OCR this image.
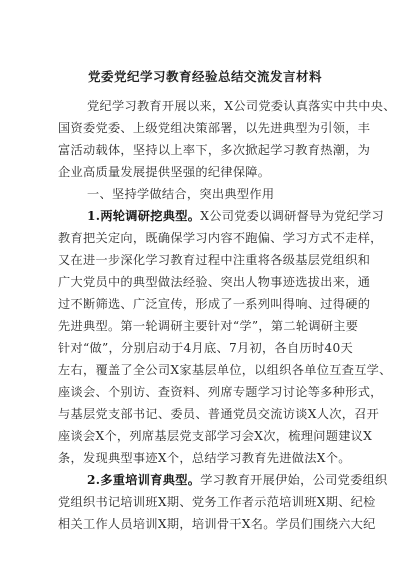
党委党纪学习教育经验总结交流发言材料
党纪学习教育开展以来，X公司党委认真落实中共中央、
国资委党委、上级党组决策部署，以先进典型为引领，丰
富活动载体，坚持以上率下，多次掀起学习教育热潮，为
企业高质量发展提供坚强的纪律保障。
一、坚持学做结合，突出典型作用
1.两轮调研挖典型。X公司党委以调研督导为党纪学习
教育把关定向，既确保学习内容不跑偏、学习方式不走样，
又在进一步深化学习教育过程中注重将各级基层党组织和
广大党员中的典型做法经验、突出人物事迹选拔出来，通
过不断筛选、广泛宣传，形成了一系列叫得响、过得硬的
先进典型。第一轮调研主要针对“学”，第二轮调研主要
针对“做”，分别启动于4月底、7月初，各自历时40天
左右，覆盖了全公司X家基层单位，以组织各单位互查互学、
座谈会、个别访、查资料、列席专题学习讨论等多种形式，
与基层党支部书记、委员、普通党员交流访谈X人次，召开
座谈会X个，列席基层党支部学习会X次，梳理问题建议X
条，发现典型事迹X个，总结学习教育先进做法X个。
2.多重培训育典型。学习教育开展伊始，公司党委组织
党组织书记培训班X期、党务工作者示范培训班X期、纪检
相关工作人员培训X期，培训骨干X名。学员们围绕六大纪
